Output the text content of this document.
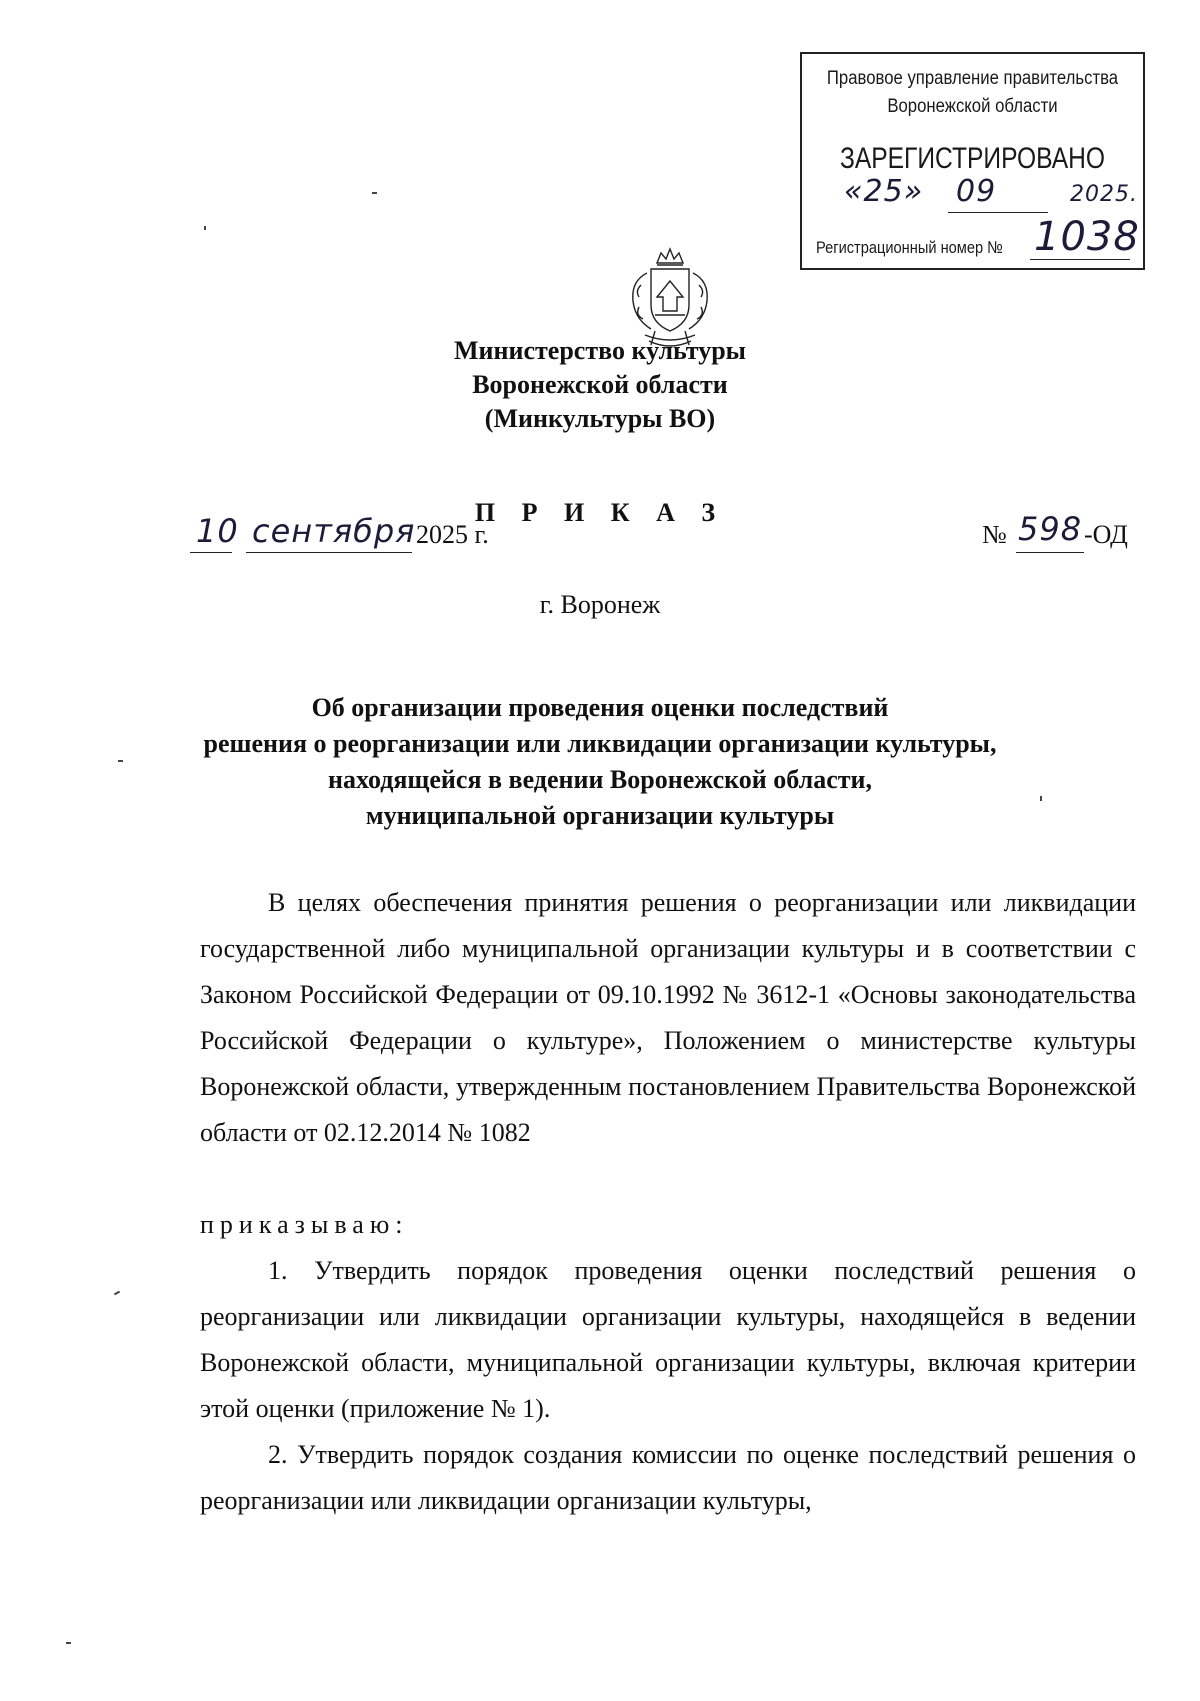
Правовое управление правительства
Воронежской области
ЗАРЕГИСТРИРОВАНО
«25» 09	2025.
Регистрационный номер № 1038
Министерство культуры
Воронежской области
(Минкультуры ВО)
П Р И К А З
10 сентября 2025 г.	№ 598 -ОД
г. Воронеж
Об организации проведения оценки последствий
решения о реорганизации или ликвидации организации культуры,
находящейся в ведении Воронежской области,
муниципальной организации культуры
В целях обеспечения принятия решения о реорганизации или ликвидации государственной либо муниципальной организации культуры и в соответствии с Законом Российской Федерации от 09.10.1992 № 3612-1 «Основы законодательства Российской Федерации о культуре», Положением о министерстве культуры Воронежской области, утвержденным постановлением Правительства Воронежской области от 02.12.2014 № 1082
приказываю:
1. Утвердить порядок проведения оценки последствий решения о реорганизации или ликвидации организации культуры, находящейся в ведении Воронежской области, муниципальной организации культуры, включая критерии этой оценки (приложение № 1).
2. Утвердить порядок создания комиссии по оценке последствий решения о реорганизации или ликвидации организации культуры,
